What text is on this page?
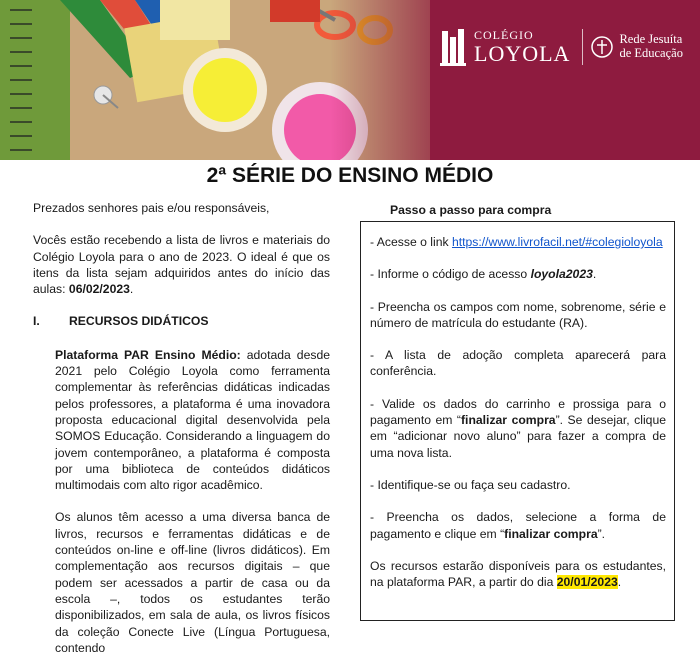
COLÉGIO
LOYOLA
Rede Jesuíta
de Educação
2ª SÉRIE DO ENSINO MÉDIO

Prezados senhores pais e/ou responsáveis,

Vocês estão recebendo a lista de livros e materiais do Colégio Loyola para o ano de 2023. O ideal é que os itens da lista sejam adquiridos antes do início das aulas: 06/02/2023.

I.	RECURSOS DIDÁTICOS

Plataforma PAR Ensino Médio: adotada desde 2021 pelo Colégio Loyola como ferramenta complementar às referências didáticas indicadas pelos professores, a plataforma é uma inovadora proposta educacional digital desenvolvida pela SOMOS Educação. Considerando a linguagem do jovem contemporâneo, a plataforma é composta por uma biblioteca de conteúdos didáticos multimodais com alto rigor acadêmico.

Os alunos têm acesso a uma diversa banca de livros, recursos e ferramentas didáticas e de conteúdos on-line e off-line (livros didáticos). Em complementação aos recursos digitais – que podem ser acessados a partir de casa ou da escola –, todos os estudantes terão disponibilizados, em sala de aula, os livros físicos da coleção Conecte Live (Língua Portuguesa, contendo

Passo a passo para compra

- Acesse o link https://www.livrofacil.net/#colegioloyola

- Informe o código de acesso loyola2023.

- Preencha os campos com nome, sobrenome, série e número de matrícula do estudante (RA).

- A lista de adoção completa aparecerá para conferência.

- Valide os dados do carrinho e prossiga para o pagamento em “finalizar compra”. Se desejar, clique em “adicionar novo aluno” para fazer a compra de uma nova lista.

- Identifique-se ou faça seu cadastro.

- Preencha os dados, selecione a forma de pagamento e clique em “finalizar compra”.

Os recursos estarão disponíveis para os estudantes, na plataforma PAR, a partir do dia 20/01/2023.
